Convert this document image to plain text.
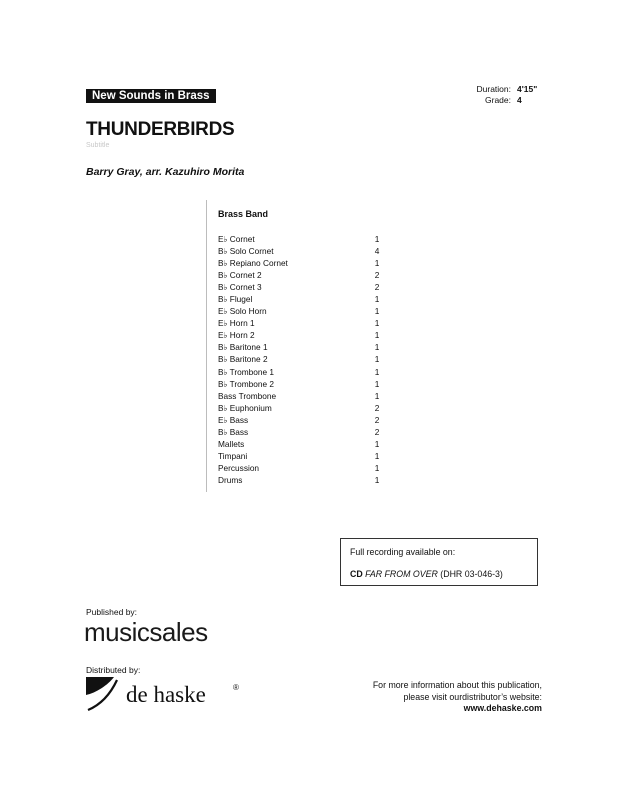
New Sounds in Brass
Duration: 4'15"
Grade: 4
THUNDERBIRDS
Subtitle
Barry Gray, arr. Kazuhiro Morita
Brass Band
E♭ Cornet	1
B♭ Solo Cornet	4
B♭ Repiano Cornet	1
B♭ Cornet 2	2
B♭ Cornet 3	2
B♭ Flugel	1
E♭ Solo Horn	1
E♭ Horn 1	1
E♭ Horn 2	1
B♭ Baritone 1	1
B♭ Baritone 2	1
B♭ Trombone 1	1
B♭ Trombone 2	1
Bass Trombone	1
B♭ Euphonium	2
E♭ Bass	2
B♭ Bass	2
Mallets	1
Timpani	1
Percussion	1
Drums	1
Full recording available on:
CD FAR FROM OVER (DHR 03-046-3)
Published by:
musicsales
Distributed by:
de haske	®	For more information about this publication,
please visit ourdistributor’s website:
www.dehaske.com
